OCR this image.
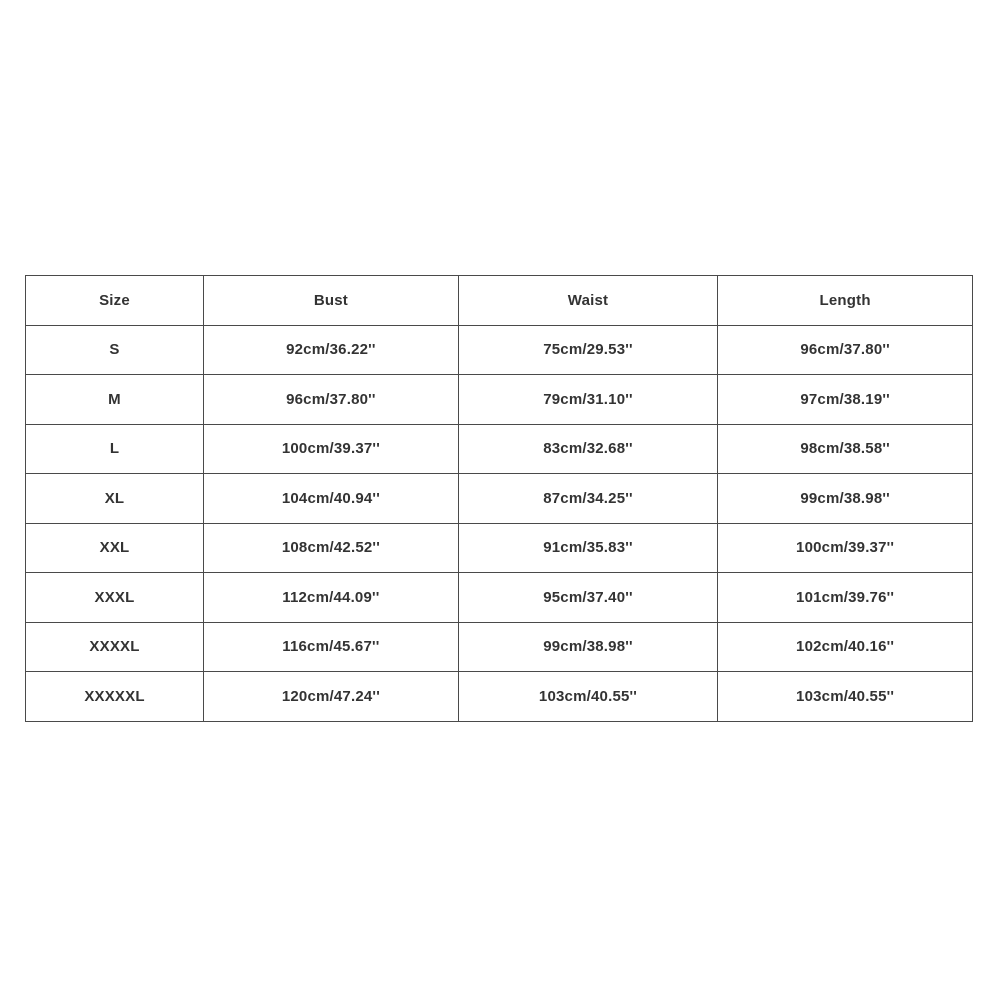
Size	Bust	Waist	Length
S	92cm/36.22''	75cm/29.53''	96cm/37.80''
M	96cm/37.80''	79cm/31.10''	97cm/38.19''
L	100cm/39.37''	83cm/32.68''	98cm/38.58''
XL	104cm/40.94''	87cm/34.25''	99cm/38.98''
XXL	108cm/42.52''	91cm/35.83''	100cm/39.37''
XXXL	112cm/44.09''	95cm/37.40''	101cm/39.76''
XXXXL	116cm/45.67''	99cm/38.98''	102cm/40.16''
XXXXXL	120cm/47.24''	103cm/40.55''	103cm/40.55''
